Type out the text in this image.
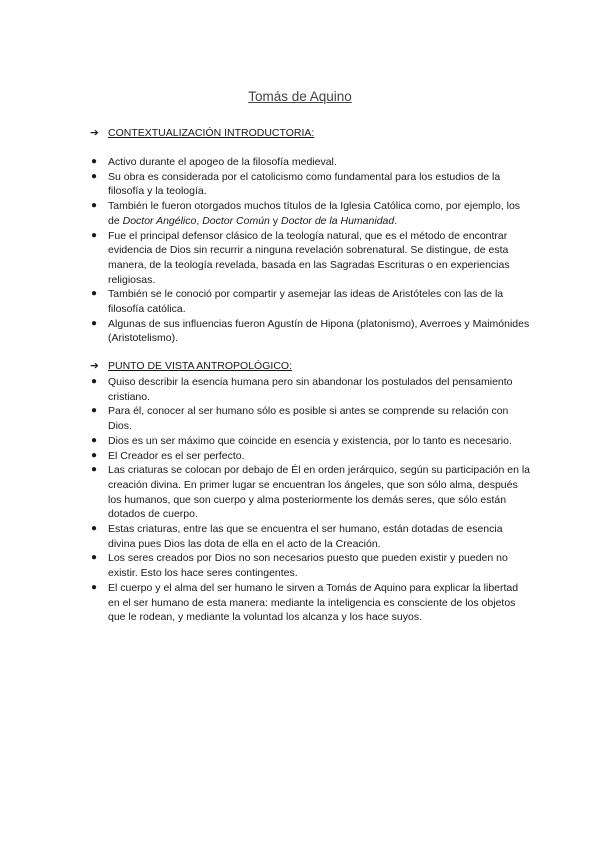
Tomás de Aquino
➔ CONTEXTUALIZACIÓN INTRODUCTORIA:
● Activo durante el apogeo de la filosofía medieval.
● Su obra es considerada por el catolicismo como fundamental para los estudios de la filosofía y la teología.
● También le fueron otorgados muchos títulos de la Iglesia Católica como, por ejemplo, los de Doctor Angélico, Doctor Común y Doctor de la Humanidad.
● Fue el principal defensor clásico de la teología natural, que es el método de encontrar evidencia de Dios sin recurrir a ninguna revelación sobrenatural. Se distingue, de esta manera, de la teología revelada, basada en las Sagradas Escrituras o en experiencias religiosas.
● También se le conoció por compartir y asemejar las ideas de Aristóteles con las de la filosofía católica.
● Algunas de sus influencias fueron Agustín de Hipona (platonismo), Averroes y Maimónides (Aristotelismo).
➔ PUNTO DE VISTA ANTROPOLÓGICO:
● Quiso describir la esencia humana pero sin abandonar los postulados del pensamiento cristiano.
● Para él, conocer al ser humano sólo es posible si antes se comprende su relación con Dios.
● Dios es un ser máximo que coincide en esencia y existencia, por lo tanto es necesario.
● El Creador es el ser perfecto.
● Las criaturas se colocan por debajo de Él en orden jerárquico, según su participación en la creación divina. En primer lugar se encuentran los ángeles, que son sólo alma, después los humanos, que son cuerpo y alma posteriormente los demás seres, que sólo están dotados de cuerpo.
● Estas criaturas, entre las que se encuentra el ser humano, están dotadas de esencia divina pues Dios las dota de ella en el acto de la Creación.
● Los seres creados por Dios no son necesarios puesto que pueden existir y pueden no existir. Esto los hace seres contingentes.
● El cuerpo y el alma del ser humano le sirven a Tomás de Aquino para explicar la libertad en el ser humano de esta manera: mediante la inteligencia es consciente de los objetos que le rodean, y mediante la voluntad los alcanza y los hace suyos.
